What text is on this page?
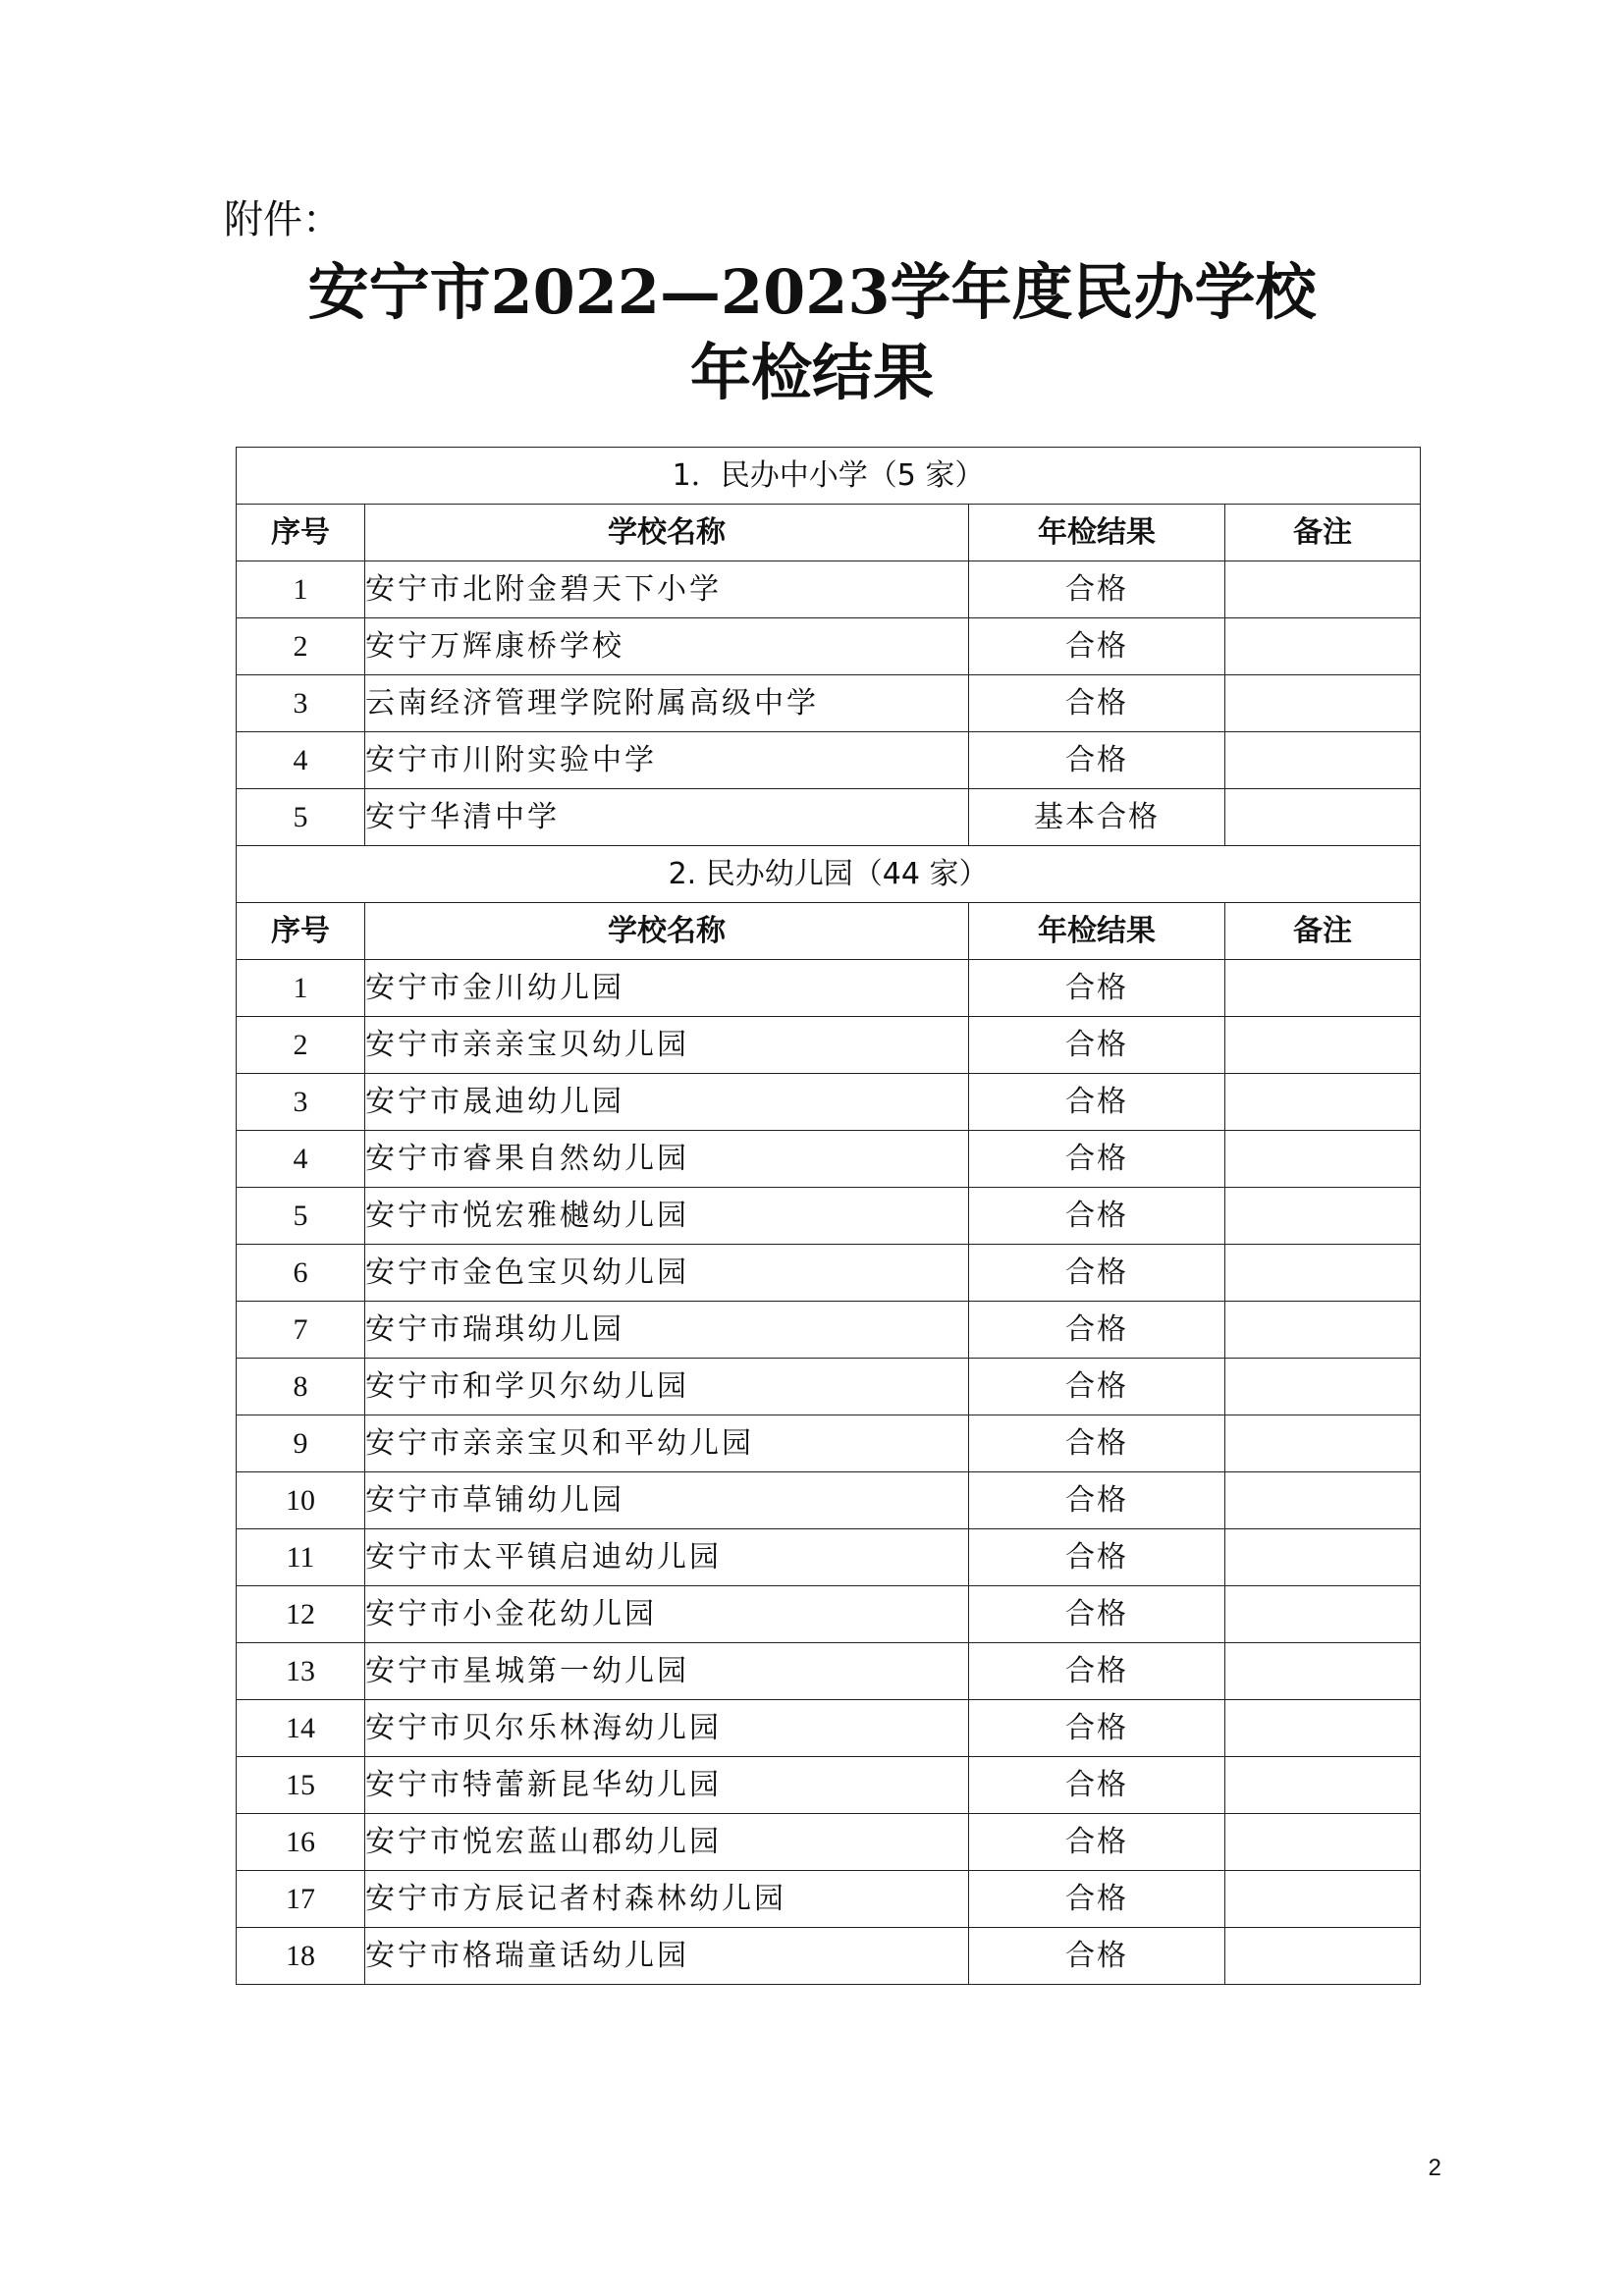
附件：
安宁市2022—2023学年度民办学校
年检结果
1．民办中小学（5 家）			
序号	学校名称	年检结果	备注
1	安宁市北附金碧天下小学	合格	
2	安宁万辉康桥学校	合格	
3	云南经济管理学院附属高级中学	合格	
4	安宁市川附实验中学	合格	
5	安宁华清中学	基本合格	
2. 民办幼儿园（44 家）			
序号	学校名称	年检结果	备注
1	安宁市金川幼儿园	合格	
2	安宁市亲亲宝贝幼儿园	合格	
3	安宁市晟迪幼儿园	合格	
4	安宁市睿果自然幼儿园	合格	
5	安宁市悦宏雅樾幼儿园	合格	
6	安宁市金色宝贝幼儿园	合格	
7	安宁市瑞琪幼儿园	合格	
8	安宁市和学贝尔幼儿园	合格	
9	安宁市亲亲宝贝和平幼儿园	合格	
10	安宁市草铺幼儿园	合格	
11	安宁市太平镇启迪幼儿园	合格	
12	安宁市小金花幼儿园	合格	
13	安宁市星城第一幼儿园	合格	
14	安宁市贝尔乐林海幼儿园	合格	
15	安宁市特蕾新昆华幼儿园	合格	
16	安宁市悦宏蓝山郡幼儿园	合格	
17	安宁市方辰记者村森林幼儿园	合格	
18	安宁市格瑞童话幼儿园	合格	
2
